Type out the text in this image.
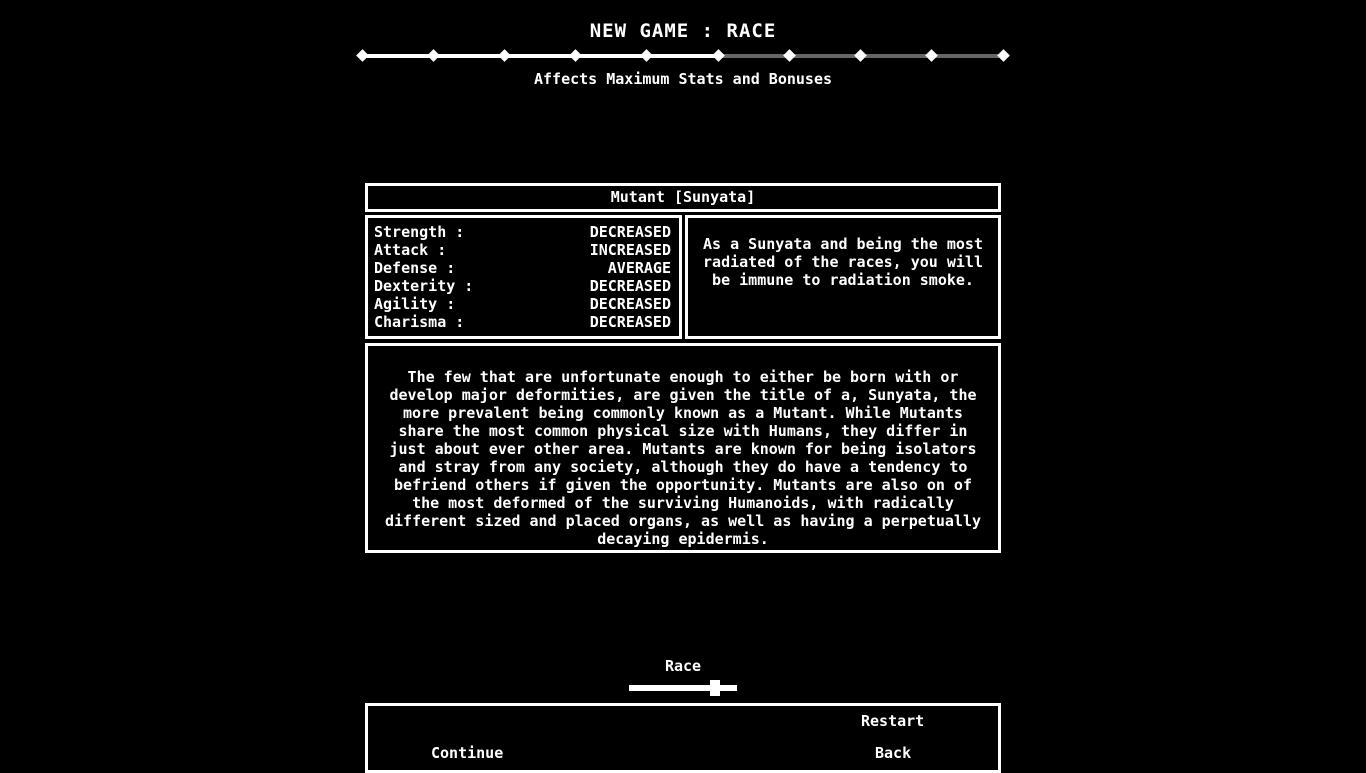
NEW GAME : RACE
Affects Maximum Stats and Bonuses
Mutant [Sunyata]
Strength :	DECREASED
Attack :	INCREASED
Defense :	AVERAGE
Dexterity :	DECREASED
Agility :	DECREASED
Charisma :	DECREASED
As a Sunyata and being the most radiated of the races, you will be immune to radiation smoke.
The few that are unfortunate enough to either be born with or develop major deformities, are given the title of a, Sunyata, the more prevalent being commonly known as a Mutant. While Mutants share the most common physical size with Humans, they differ in just about ever other area. Mutants are known for being isolators and stray from any society, although they do have a tendency to befriend others if given the opportunity. Mutants are also on of the most deformed of the surviving Humanoids, with radically different sized and placed organs, as well as having a perpetually decaying epidermis.
Race
Restart
Continue	Back
